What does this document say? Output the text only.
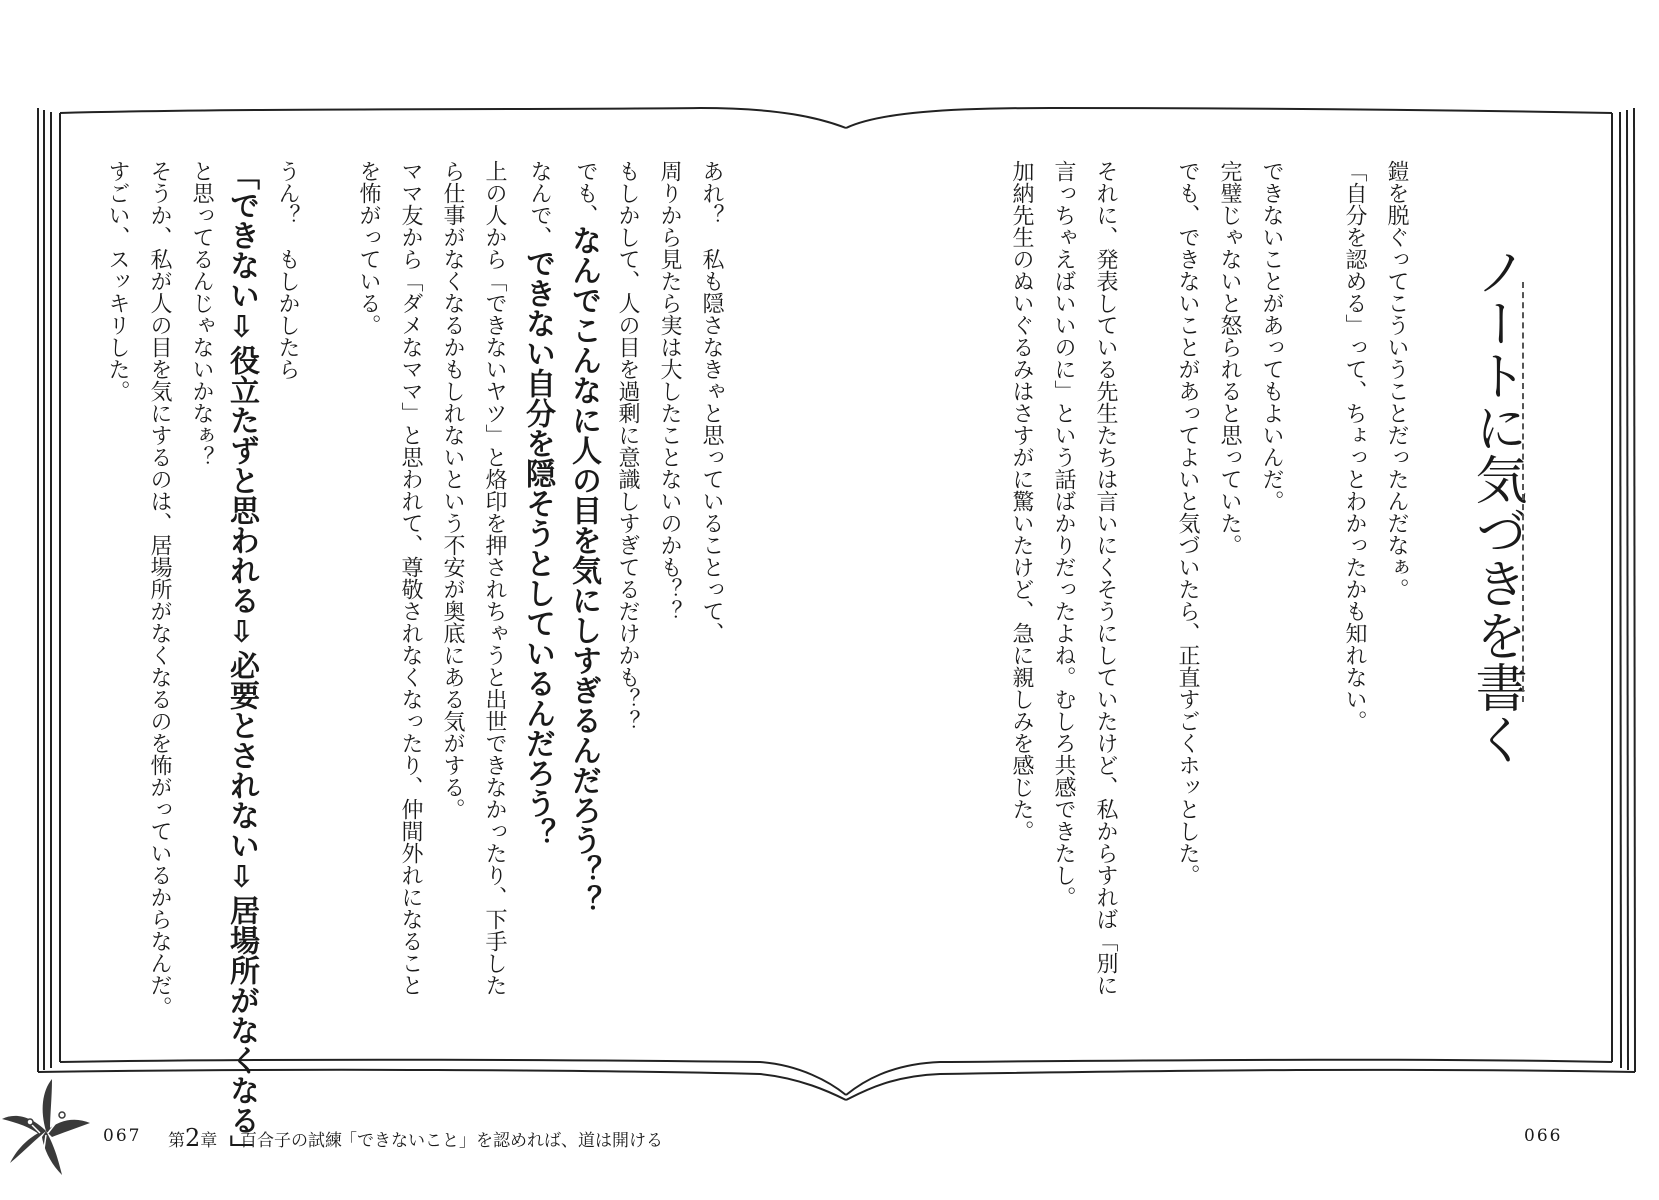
ノートに気づきを書く
鎧を脱ぐってこういうことだったんだなぁ。
「自分を認める」って、ちょっとわかったかも知れない。
できないことがあってもよいんだ。
完璧じゃないと怒られると思っていた。
でも、できないことがあってよいと気づいたら、正直すごくホッとした。
それに、発表している先生たちは言いにくそうにしていたけど、私からすれば「別に
言っちゃえばいいのに」という話ばかりだったよね。むしろ共感できたし。
加納先生のぬいぐるみはさすがに驚いたけど、急に親しみを感じた。
あれ？　私も隠さなきゃと思っていることって、
周りから見たら実は大したことないのかも？？
もしかして、人の目を過剰に意識しすぎてるだけかも？？
でも、
なんでこんなに人の目を気にしすぎるんだろう？？
なんで、
できない自分を隠そうとしているんだろう？
上の人から「できないヤツ」と烙印を押されちゃうと出世できなかったり、下手した
ら仕事がなくなるかもしれないという不安が奥底にある気がする。
ママ友から「ダメなママ」と思われて、尊敬されなくなったり、仲間外れになること
を怖がっている。
うん？　もしかしたら
「できない⇩役立たずと思われる⇩必要とされない⇩居場所がなくなる」
と思ってるんじゃないかなぁ？
そうか、私が人の目を気にするのは、居場所がなくなるのを怖がっているからなんだ。
すごい、スッキリした。
067 第2章 百合子の試練
「できないこと」を認めれば、道は開ける	066
